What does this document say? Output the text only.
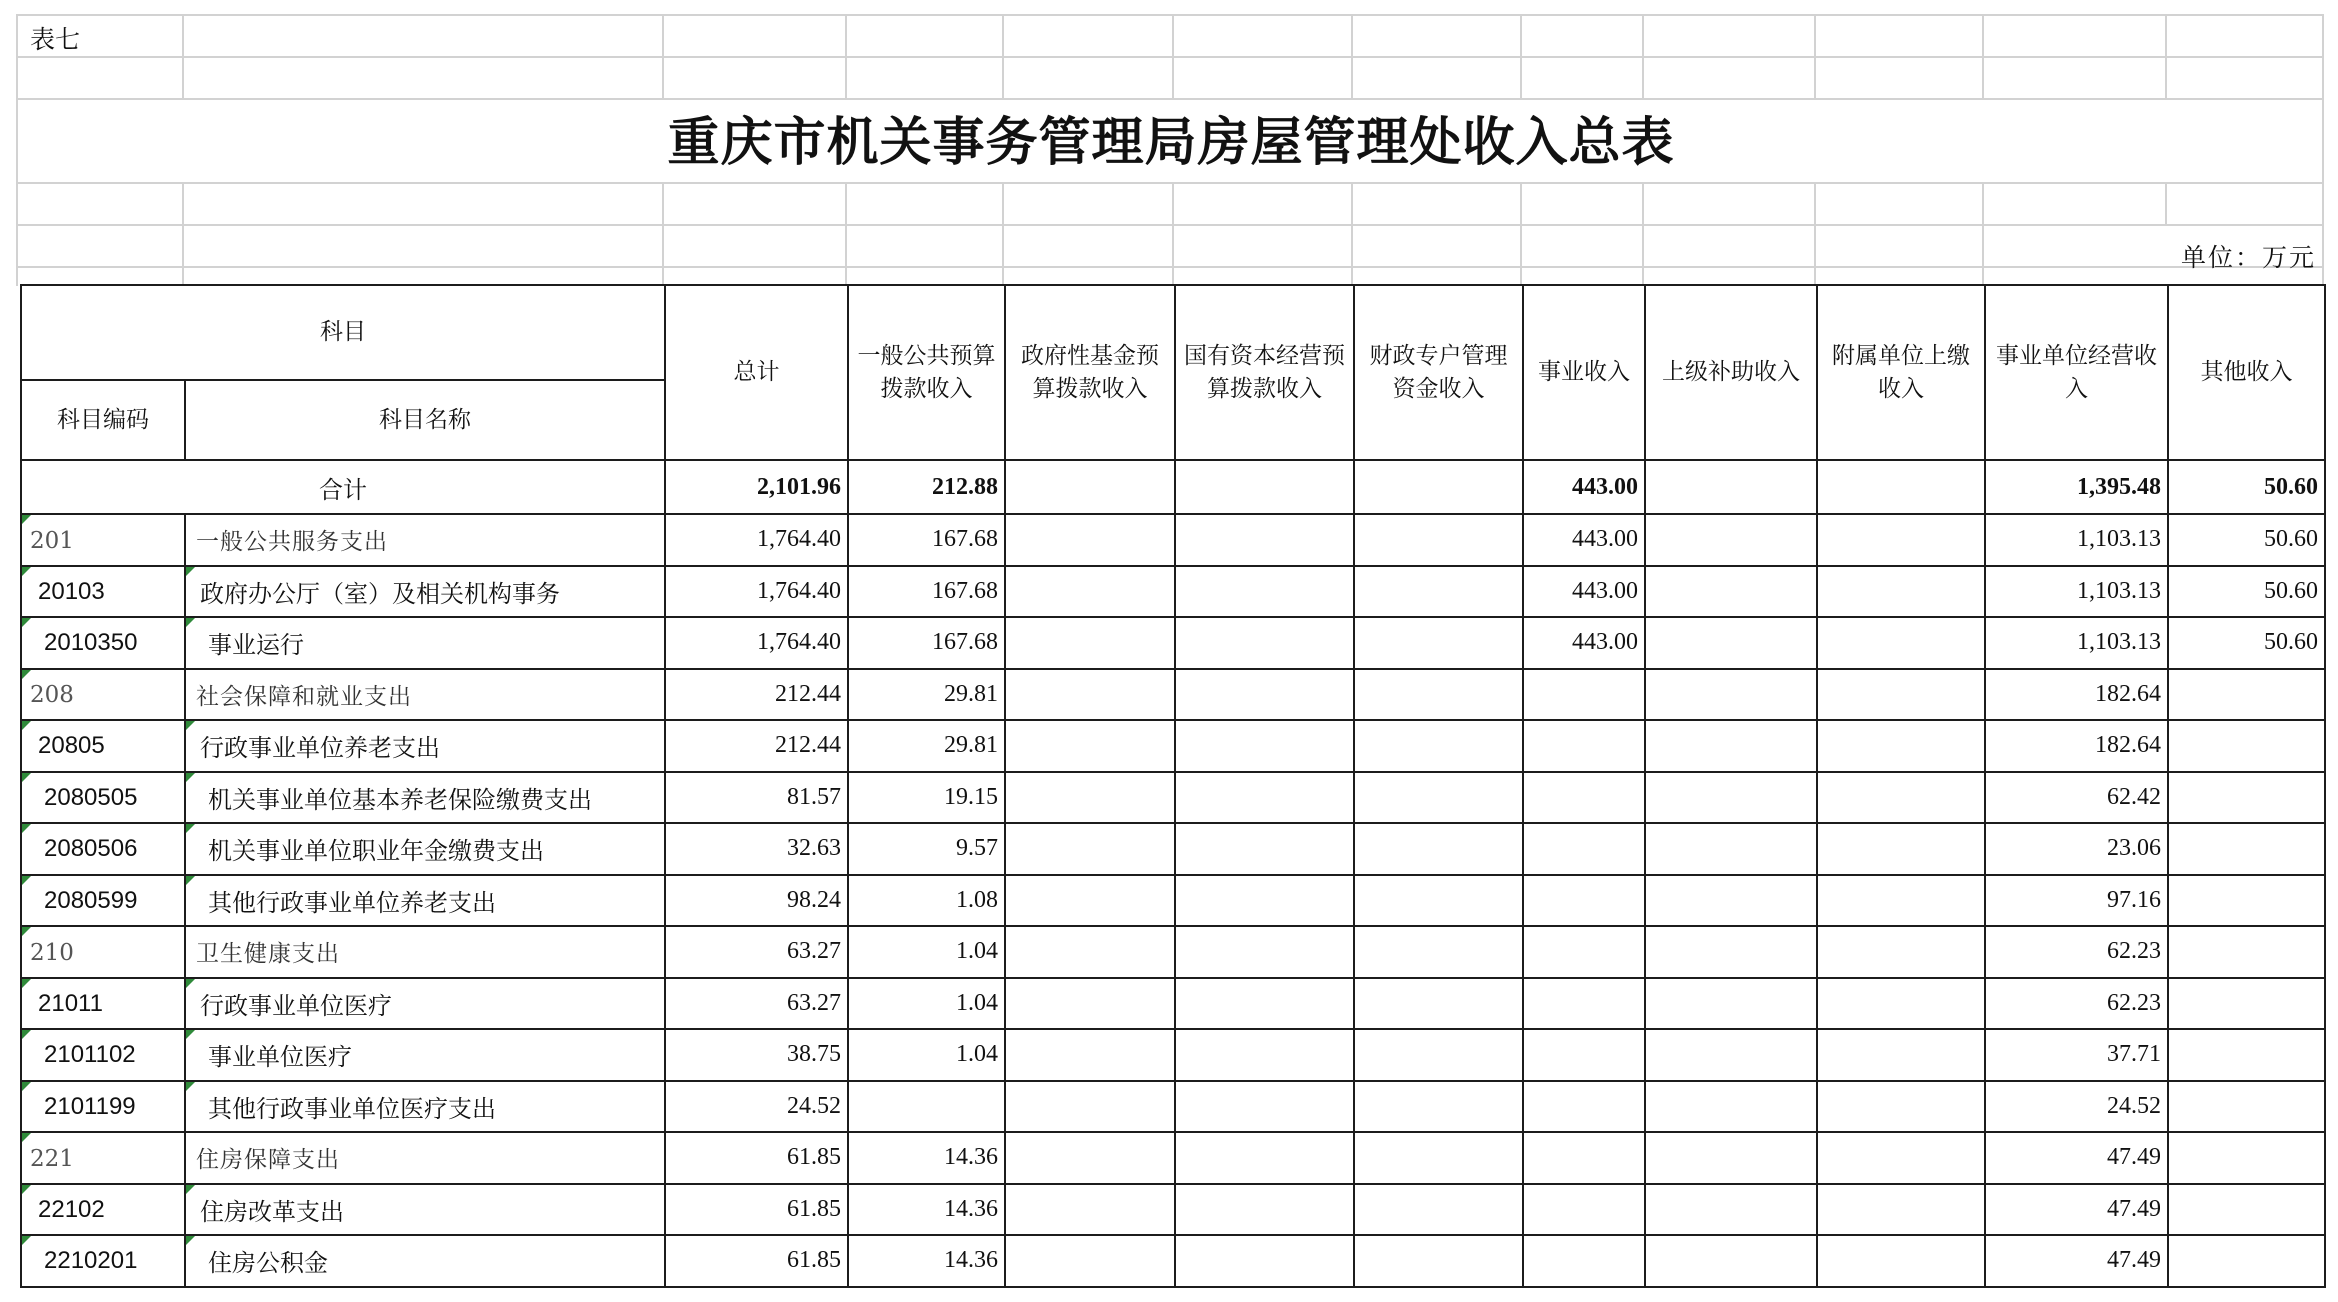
表七
重庆市机关事务管理局房屋管理处收入总表
单位：万元
科目		总计	一般公共预算拨款收入	政府性基金预算拨款收入	国有资本经营预算拨款收入	财政专户管理资金收入	事业收入	上级补助收入	附属单位上缴收入	事业单位经营收入	其他收入
科目编码	科目名称										
合计		2,101.96	212.88				443.00			1,395.48	50.60

201	一般公共服务支出	1,764.40	167.68				443.00			1,103.13	50.60

20103	政府办公厅（室）及相关机构事务	1,764.40	167.68				443.00			1,103.13	50.60

2010350	事业运行	1,764.40	167.68				443.00			1,103.13	50.60

208	社会保障和就业支出	212.44	29.81							182.64	

20805	行政事业单位养老支出	212.44	29.81							182.64	

2080505	机关事业单位基本养老保险缴费支出	81.57	19.15							62.42	

2080506	机关事业单位职业年金缴费支出	32.63	9.57							23.06	

2080599	其他行政事业单位养老支出	98.24	1.08							97.16	

210	卫生健康支出	63.27	1.04							62.23	

21011	行政事业单位医疗	63.27	1.04							62.23	

2101102	事业单位医疗	38.75	1.04							37.71	

2101199	其他行政事业单位医疗支出	24.52								24.52	

221	住房保障支出	61.85	14.36							47.49	

22102	住房改革支出	61.85	14.36							47.49	

2210201	住房公积金	61.85	14.36							47.49	
